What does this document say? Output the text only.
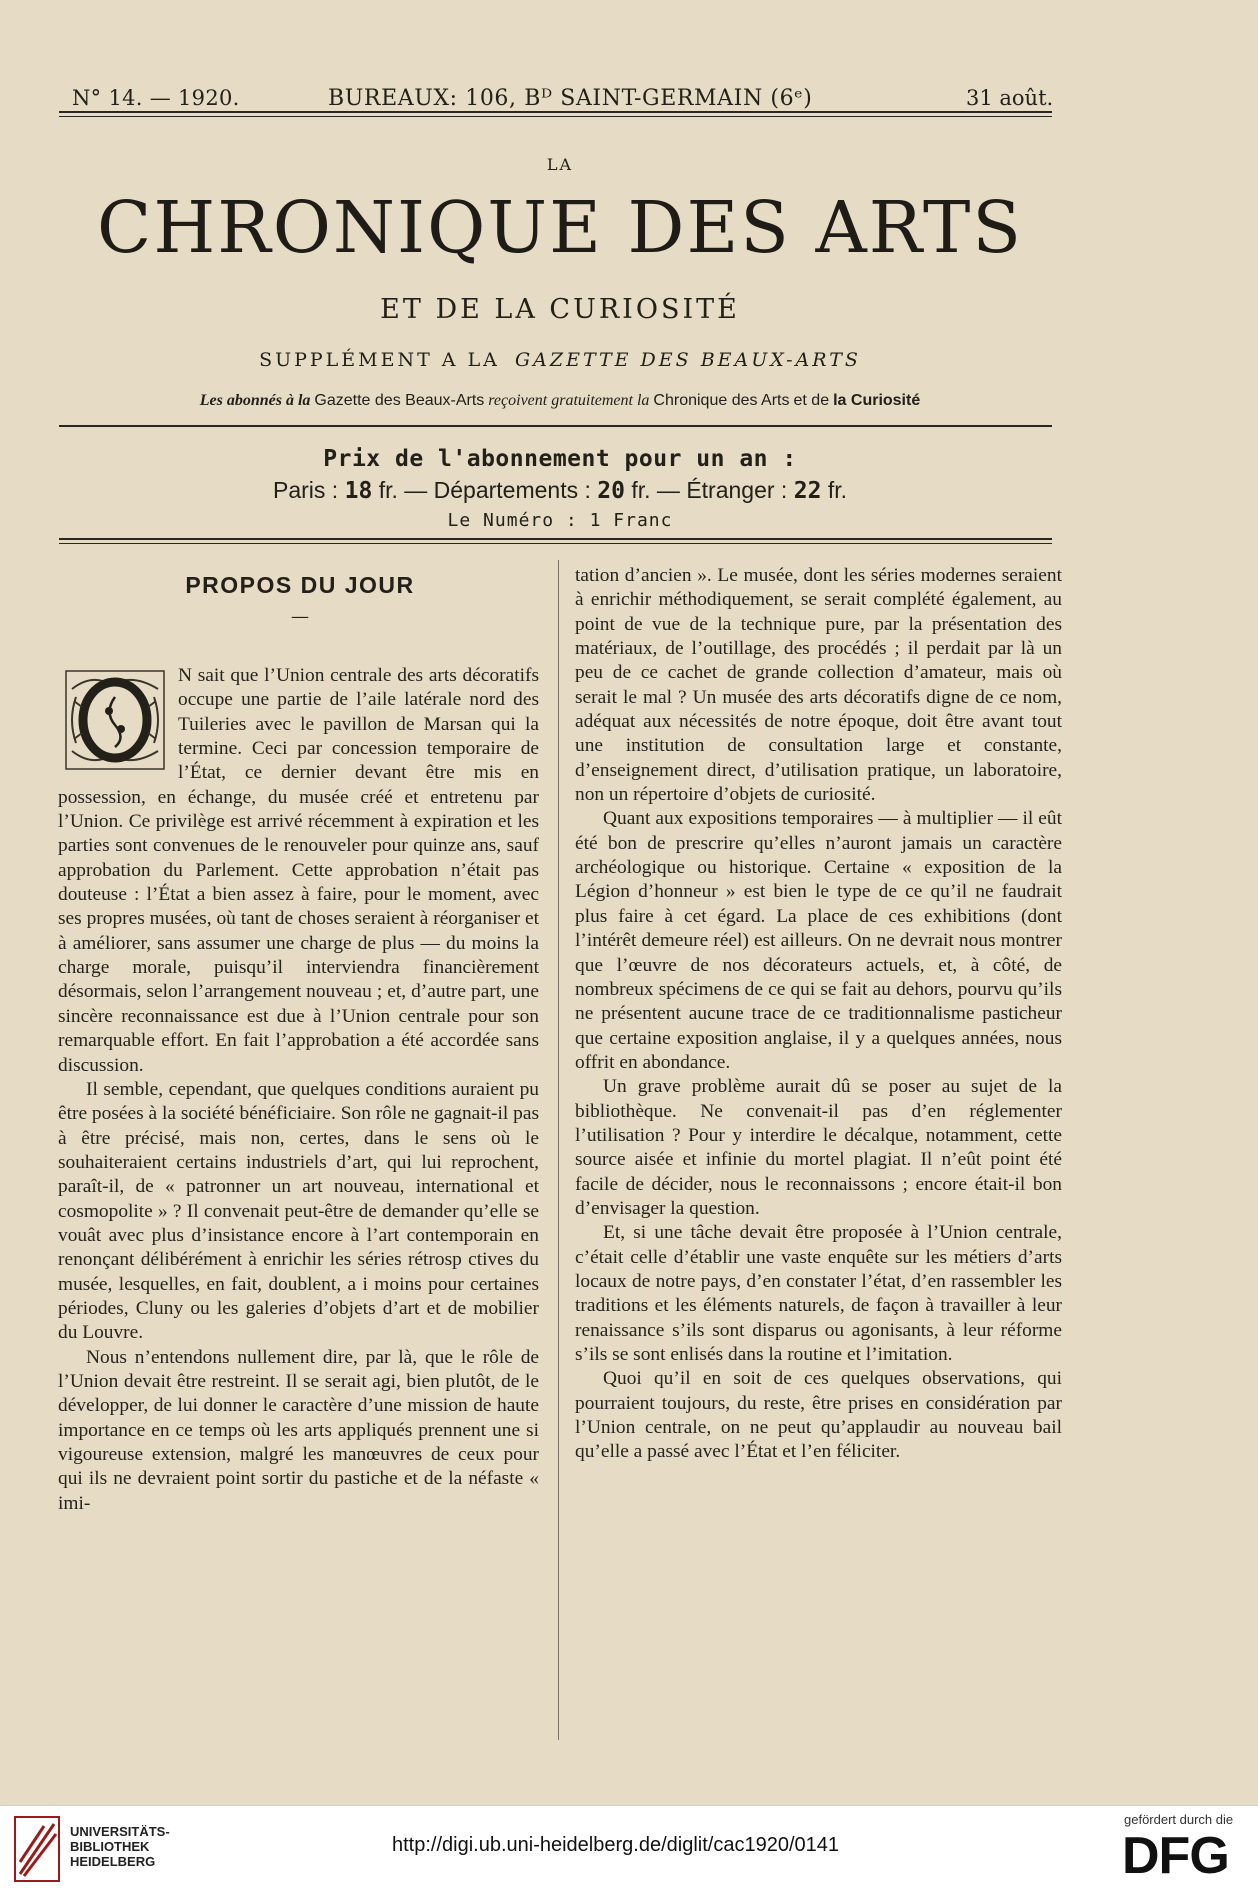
N° 14. — 1920.	BUREAUX: 106, Bᴰ SAINT-GERMAIN (6ᵉ)	31 août.
LA
CHRONIQUE DES ARTS
ET DE LA CURIOSITÉ
SUPPLÉMENT A LA GAZETTE DES BEAUX-ARTS
Les abonnés à la Gazette des Beaux-Arts reçoivent gratuitement la Chronique des Arts et de la Curiosité
Prix de l'abonnement pour un an :
Paris : 18 fr. — Départements : 20 fr. — Étranger : 22 fr.
Le Numéro : 1 Franc
PROPOS DU JOUR
—

N sait que l’Union centrale des arts décoratifs occupe une partie de l’aile latérale nord des Tuileries avec le pavillon de Marsan qui la termine. Ceci par concession temporaire de l’État, ce dernier devant être mis en possession, en échange, du musée créé et entretenu par l’Union. Ce privilège est arrivé récemment à expiration et les parties sont convenues de le renouveler pour quinze ans, sauf approbation du Parlement. Cette approbation n’était pas douteuse : l’État a bien assez à faire, pour le moment, avec ses propres musées, où tant de choses seraient à réorganiser et à améliorer, sans assumer une charge de plus — du moins la charge morale, puisqu’il interviendra financièrement désormais, selon l’arrangement nouveau ; et, d’autre part, une sincère reconnaissance est due à l’Union centrale pour son remarquable effort. En fait l’approbation a été accordée sans discussion.

Il semble, cependant, que quelques conditions auraient pu être posées à la société bénéficiaire. Son rôle ne gagnait-il pas à être précisé, mais non, certes, dans le sens où le souhaiteraient certains industriels d’art, qui lui reprochent, paraît-il, de « patronner un art nouveau, international et cosmopolite » ? Il convenait peut-être de demander qu’elle se vouât avec plus d’insistance encore à l’art contemporain en renonçant délibérément à enrichir les séries rétrosp ctives du musée, lesquelles, en fait, doublent, a i moins pour certaines périodes, Cluny ou les galeries d’objets d’art et de mobilier du Louvre.

Nous n’entendons nullement dire, par là, que le rôle de l’Union devait être restreint. Il se serait agi, bien plutôt, de le développer, de lui donner le caractère d’une mission de haute importance en ce temps où les arts appliqués prennent une si vigoureuse extension, malgré les manœuvres de ceux pour qui ils ne devraient point sortir du pastiche et de la néfaste « imi-

tation d’ancien ». Le musée, dont les séries modernes seraient à enrichir méthodiquement, se serait complété également, au point de vue de la technique pure, par la présentation des matériaux, de l’outillage, des procédés ; il perdait par là un peu de ce cachet de grande collection d’amateur, mais où serait le mal ? Un musée des arts décoratifs digne de ce nom, adéquat aux nécessités de notre époque, doit être avant tout une institution de consultation large et constante, d’enseignement direct, d’utilisation pratique, un laboratoire, non un répertoire d’objets de curiosité.

Quant aux expositions temporaires — à multiplier — il eût été bon de prescrire qu’elles n’auront jamais un caractère archéologique ou historique. Certaine « exposition de la Légion d’honneur » est bien le type de ce qu’il ne faudrait plus faire à cet égard. La place de ces exhibitions (dont l’intérêt demeure réel) est ailleurs. On ne devrait nous montrer que l’œuvre de nos décorateurs actuels, et, à côté, de nombreux spécimens de ce qui se fait au dehors, pourvu qu’ils ne présentent aucune trace de ce traditionnalisme pasticheur que certaine exposition anglaise, il y a quelques années, nous offrit en abondance.

Un grave problème aurait dû se poser au sujet de la bibliothèque. Ne convenait-il pas d’en réglementer l’utilisation ? Pour y interdire le décalque, notamment, cette source aisée et infinie du mortel plagiat. Il n’eût point été facile de décider, nous le reconnaissons ; encore était-il bon d’envisager la question.

Et, si une tâche devait être proposée à l’Union centrale, c’était celle d’établir une vaste enquête sur les métiers d’arts locaux de notre pays, d’en constater l’état, d’en rassembler les traditions et les éléments naturels, de façon à travailler à leur renaissance s’ils sont disparus ou agonisants, à leur réforme s’ils se sont enlisés dans la routine et l’imitation.

Quoi qu’il en soit de ces quelques observations, qui pourraient toujours, du reste, être prises en considération par l’Union centrale, on ne peut qu’applaudir au nouveau bail qu’elle a passé avec l’État et l’en féliciter.

UNIVERSITÄTS-
BIBLIOTHEK
HEIDELBERG
http://digi.ub.uni-heidelberg.de/diglit/cac1920/0141
gefördert durch die
DFG
